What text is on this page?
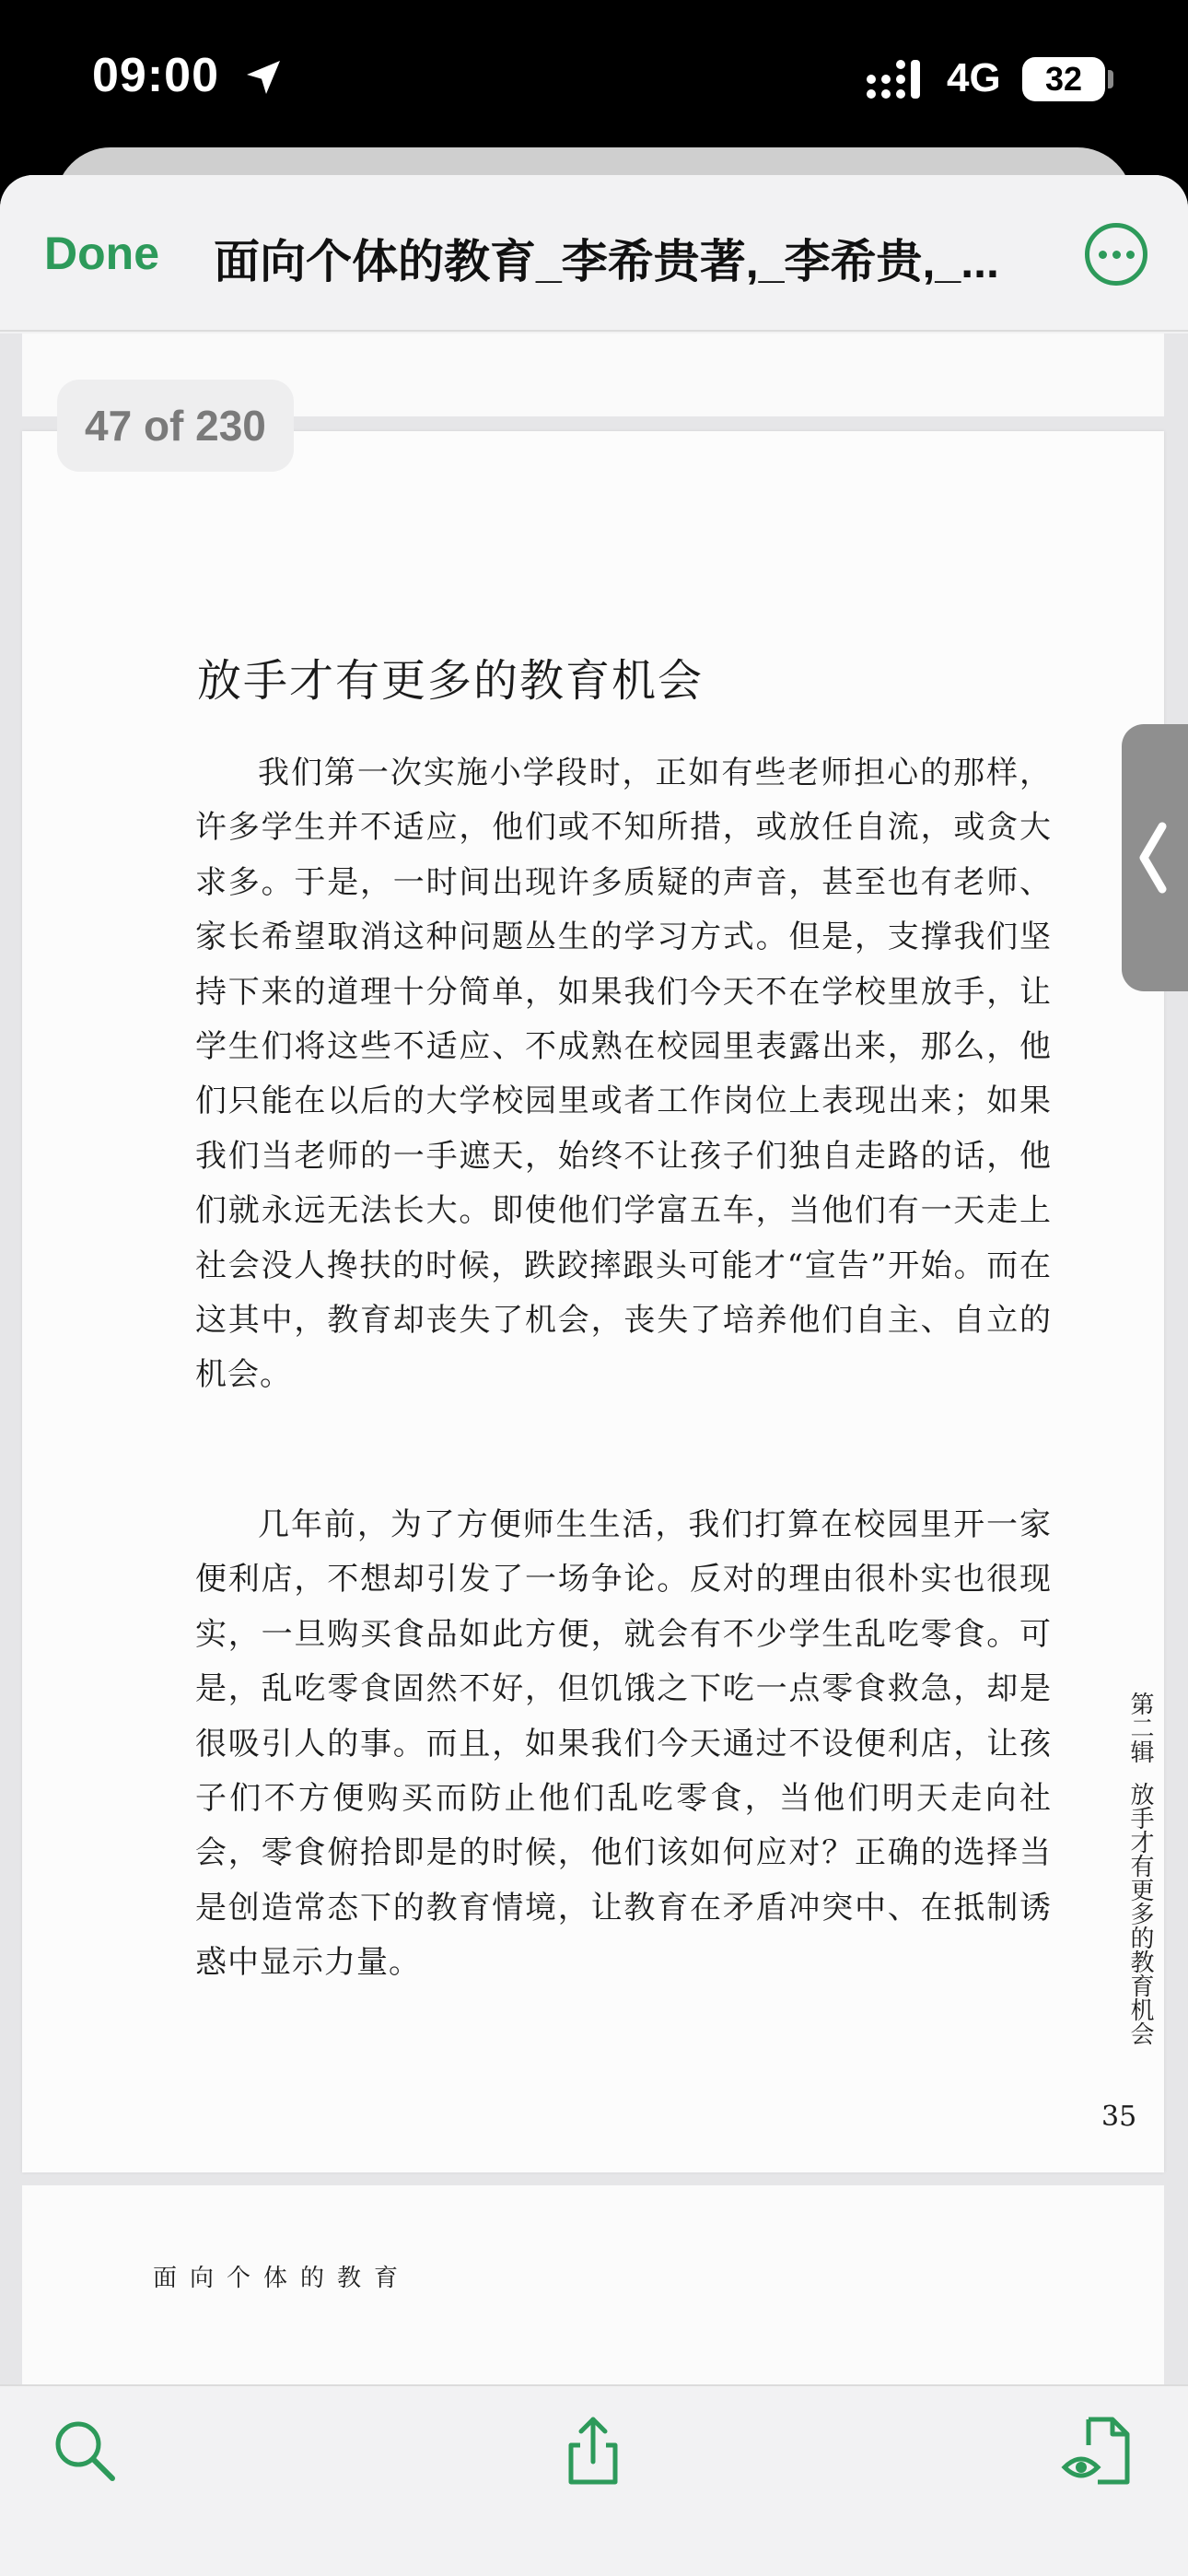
09:00	4G	32
Done 面向个体的教育_李希贵著,_李希贵,_...
47 of 230
放手才有更多的教育机会
我们第一次实施小学段时，正如有些老师担心的那样，许多学生并不适应，他们或不知所措，或放任自流，或贪大求多。于是，一时间出现许多质疑的声音，甚至也有老师、家长希望取消这种问题丛生的学习方式。但是，支撑我们坚持下来的道理十分简单，如果我们今天不在学校里放手，让学生们将这些不适应、不成熟在校园里表露出来，那么，他们只能在以后的大学校园里或者工作岗位上表现出来；如果我们当老师的一手遮天，始终不让孩子们独自走路的话，他们就永远无法长大。即使他们学富五车，当他们有一天走上社会没人搀扶的时候，跌跤摔跟头可能才“宣告”开始。而在这其中，教育却丧失了机会，丧失了培养他们自主、自立的机会。
几年前，为了方便师生生活，我们打算在校园里开一家便利店，不想却引发了一场争论。反对的理由很朴实也很现实，一旦购买食品如此方便，就会有不少学生乱吃零食。可是，乱吃零食固然不好，但饥饿之下吃一点零食救急，却是很吸引人的事。而且，如果我们今天通过不设便利店，让孩子们不方便购买而防止他们乱吃零食，当他们明天走向社会，零食俯拾即是的时候，他们该如何应对？正确的选择当是创造常态下的教育情境，让教育在矛盾冲突中、在抵制诱惑中显示力量。
第二辑放手才有更多的教育机会
35
面向个体的教育
